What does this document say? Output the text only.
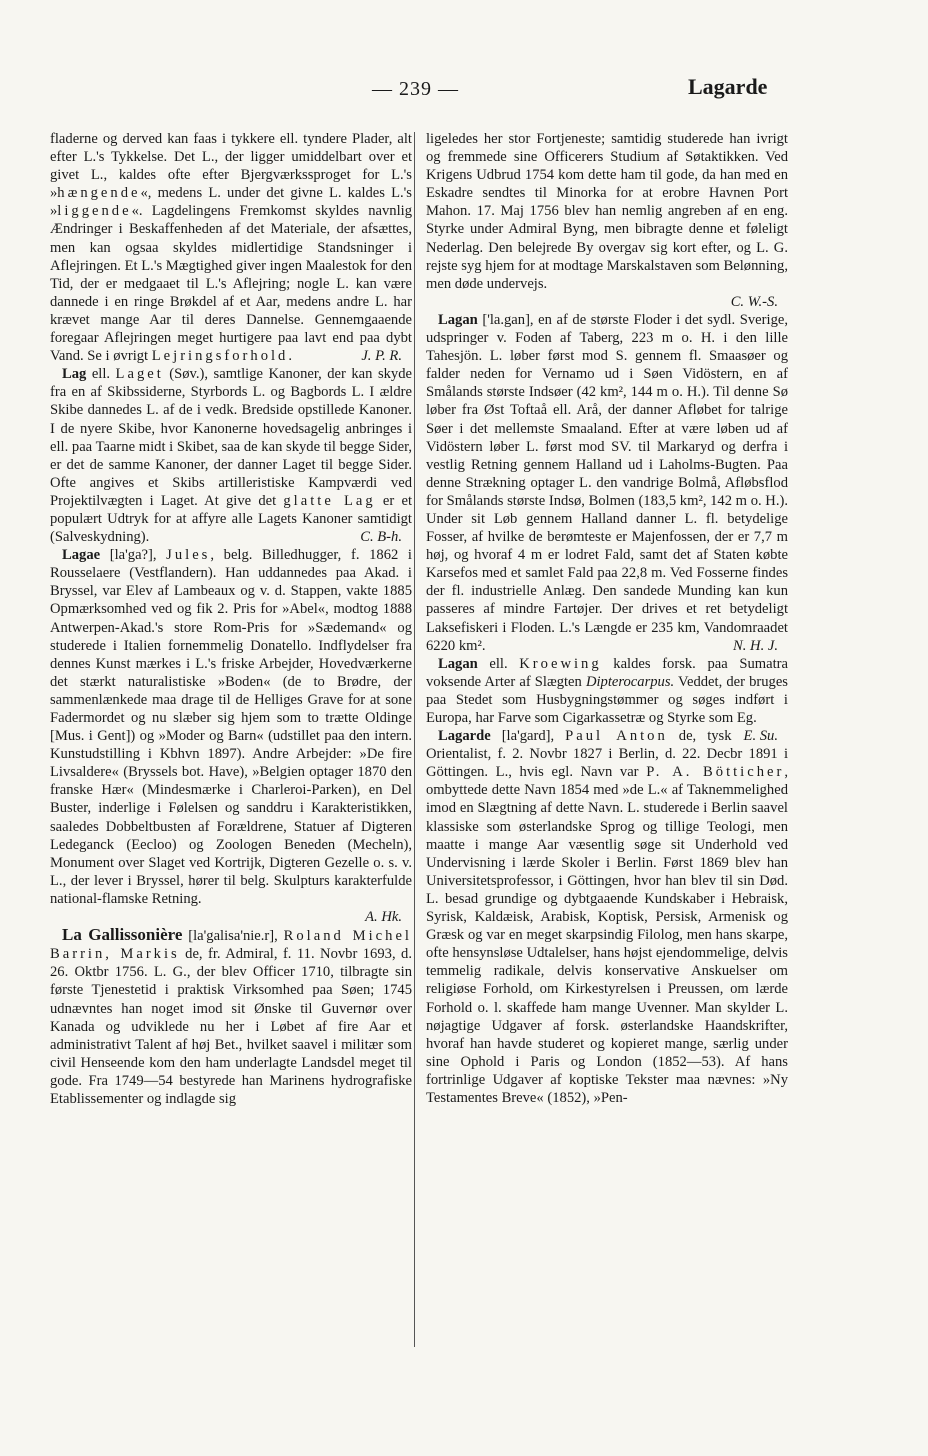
— 239 —	Lagarde

fladerne og derved kan faas i tykkere ell. tyndere Plader, alt efter L.'s Tykkelse. Det L., der ligger umiddelbart over et givet L., kaldes ofte efter Bjergværkssproget for L.'s »hængende«, medens L. under det givne L. kaldes L.'s »liggende«. Lagdelingens Fremkomst skyldes navnlig Ændringer i Beskaffenheden af det Materiale, der afsættes, men kan ogsaa skyldes midlertidige Standsninger i Aflejringen. Et L.'s Mægtighed giver ingen Maalestok for den Tid, der er medgaaet til L.'s Aflejring; nogle L. kan være dannede i en ringe Brøkdel af et Aar, medens andre L. har krævet mange Aar til deres Dannelse. Gennemgaaende foregaar Aflejringen meget hurtigere paa lavt end paa dybt Vand. Se i øvrigt Lejringsforhold.	J. P. R.

Lag ell. Laget (Søv.), samtlige Kanoner, der kan skyde fra en af Skibssiderne, Styrbords L. og Bagbords L. I ældre Skibe dannedes L. af de i vedk. Bredside opstillede Kanoner. I de nyere Skibe, hvor Kanonerne hovedsagelig anbringes i ell. paa Taarne midt i Skibet, saa de kan skyde til begge Sider, er det de samme Kanoner, der danner Laget til begge Sider. Ofte angives et Skibs artilleristiske Kampværdi ved Projektilvægten i Laget. At give det glatte Lag er et populært Udtryk for at affyre alle Lagets Kanoner samtidigt (Salveskydning).	C. B-h.

Lagae [la'ga?], Jules, belg. Billedhugger, f. 1862 i Rousselaere (Vestflandern). Han uddannedes paa Akad. i Bryssel, var Elev af Lambeaux og v. d. Stappen, vakte 1885 Opmærksomhed ved og fik 2. Pris for »Abel«, modtog 1888 Antwerpen-Akad.'s store Rom-Pris for »Sædemand« og studerede i Italien fornemmelig Donatello. Indflydelser fra dennes Kunst mærkes i L.'s friske Arbejder, Hovedværkerne det stærkt naturalistiske »Boden« (de to Brødre, der sammenlænkede maa drage til de Helliges Grave for at sone Fadermordet og nu slæber sig hjem som to trætte Oldinge [Mus. i Gent]) og »Moder og Barn« (udstillet paa den intern. Kunstudstilling i Kbhvn 1897). Andre Arbejder: »De fire Livsaldere« (Bryssels bot. Have), »Belgien optager 1870 den franske Hær« (Mindesmærke i Charleroi-Parken), en Del Buster, inderlige i Følelsen og sanddru i Karakteristikken, saaledes Dobbeltbusten af Forældrene, Statuer af Digteren Ledeganck (Eecloo) og Zoologen Beneden (Mecheln), Monument over Slaget ved Kortrijk, Digteren Gezelle o. s. v. L., der lever i Bryssel, hører til belg. Skulpturs karakterfulde national-flamske Retning.

A. Hk.

La Gallissonière [la'galisa'nie.r], Roland Michel Barrin, Markis de, fr. Admiral, f. 11. Novbr 1693, d. 26. Oktbr 1756. L. G., der blev Officer 1710, tilbragte sin første Tjenestetid i praktisk Virksomhed paa Søen; 1745 udnævntes han noget imod sit Ønske til Guvernør over Kanada og udviklede nu her i Løbet af fire Aar et administrativt Talent af høj Bet., hvilket saavel i militær som civil Henseende kom den ham underlagte Landsdel meget til gode. Fra 1749—54 bestyrede han Marinens hydrografiske Etablissementer og indlagde sig

ligeledes her stor Fortjeneste; samtidig studerede han ivrigt og fremmede sine Officerers Studium af Søtaktikken. Ved Krigens Udbrud 1754 kom dette ham til gode, da han med en Eskadre sendtes til Minorka for at erobre Havnen Port Mahon. 17. Maj 1756 blev han nemlig angreben af en eng. Styrke under Admiral Byng, men bibragte denne et føleligt Nederlag. Den belejrede By overgav sig kort efter, og L. G. rejste syg hjem for at modtage Marskalstaven som Belønning, men døde undervejs.

C. W.-S.

Lagan ['la.gan], en af de største Floder i det sydl. Sverige, udspringer v. Foden af Taberg, 223 m o. H. i den lille Tahesjön. L. løber først mod S. gennem fl. Smaasøer og falder neden for Vernamo ud i Søen Vidöstern, en af Smålands største Indsøer (42 km², 144 m o. H.). Til denne Sø løber fra Øst Toftaå ell. Arå, der danner Afløbet for talrige Søer i det mellemste Smaaland. Efter at være løben ud af Vidöstern løber L. først mod SV. til Markaryd og derfra i vestlig Retning gennem Halland ud i Laholms-Bugten. Paa denne Strækning optager L. den vandrige Bolmå, Afløbsflod for Smålands største Indsø, Bolmen (183,5 km², 142 m o. H.). Under sit Løb gennem Halland danner L. fl. betydelige Fosser, af hvilke de berømteste er Majenfossen, der er 7,7 m høj, og hvoraf 4 m er lodret Fald, samt det af Staten købte Karsefos med et samlet Fald paa 22,8 m. Ved Fosserne findes der fl. industrielle Anlæg. Den sandede Munding kan kun passeres af mindre Fartøjer. Der drives et ret betydeligt Laksefiskeri i Floden. L.'s Længde er 235 km, Vandomraadet 6220 km².	N. H. J.

Lagan ell. Kroewing kaldes forsk. paa Sumatra voksende Arter af Slægten Dipterocarpus. Veddet, der bruges paa Stedet som Husbygningstømmer og søges indført i Europa, har Farve som Cigarkassetræ og Styrke som Eg.
E. Su.

Lagarde [la'gard], Paul Anton de, tysk Orientalist, f. 2. Novbr 1827 i Berlin, d. 22. Decbr 1891 i Göttingen. L., hvis egl. Navn var P. A. Bötticher, ombyttede dette Navn 1854 med »de L.« af Taknemmelighed imod en Slægtning af dette Navn. L. studerede i Berlin saavel klassiske som østerlandske Sprog og tillige Teologi, men maatte i mange Aar væsentlig søge sit Underhold ved Undervisning i lærde Skoler i Berlin. Først 1869 blev han Universitetsprofessor, i Göttingen, hvor han blev til sin Død. L. besad grundige og dybtgaaende Kundskaber i Hebraisk, Syrisk, Kaldæisk, Arabisk, Koptisk, Persisk, Armenisk og Græsk og var en meget skarpsindig Filolog, men hans skarpe, ofte hensynsløse Udtalelser, hans højst ejendommelige, delvis temmelig radikale, delvis konservative Anskuelser om religiøse Forhold, om Kirkestyrelsen i Preussen, om lærde Forhold o. l. skaffede ham mange Uvenner. Man skylder L. nøjagtige Udgaver af forsk. østerlandske Haandskrifter, hvoraf han havde studeret og kopieret mange, særlig under sine Ophold i Paris og London (1852—53). Af hans fortrinlige Udgaver af koptiske Tekster maa nævnes: »Ny Testamentes Breve« (1852), »Pen-
